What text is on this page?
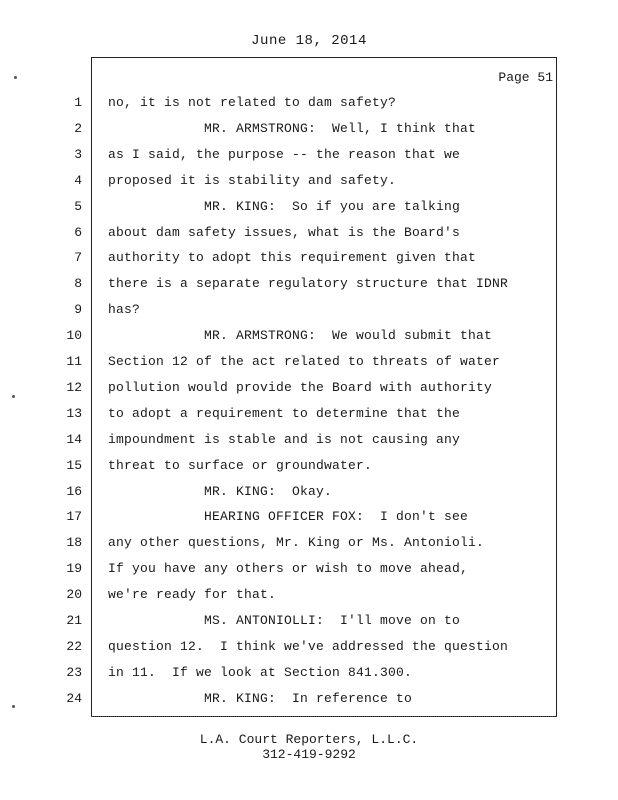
June 18, 2014
Page 51
1 no, it is not related to dam safety?
2 MR. ARMSTRONG:  Well, I think that
3 as I said, the purpose -- the reason that we
4 proposed it is stability and safety.
5 MR. KING:  So if you are talking
6 about dam safety issues, what is the Board's
7 authority to adopt this requirement given that
8 there is a separate regulatory structure that IDNR
9 has?
10 MR. ARMSTRONG:  We would submit that
11 Section 12 of the act related to threats of water
12 pollution would provide the Board with authority
13 to adopt a requirement to determine that the
14 impoundment is stable and is not causing any
15 threat to surface or groundwater.
16 MR. KING:  Okay.
17 HEARING OFFICER FOX:  I don't see
18 any other questions, Mr. King or Ms. Antonioli.
19 If you have any others or wish to move ahead,
20 we're ready for that.
21 MS. ANTONIOLLI:  I'll move on to
22 question 12.  I think we've addressed the question
23 in 11.  If we look at Section 841.300.
24 MR. KING:  In reference to
L.A. Court Reporters, L.L.C.
312-419-9292
